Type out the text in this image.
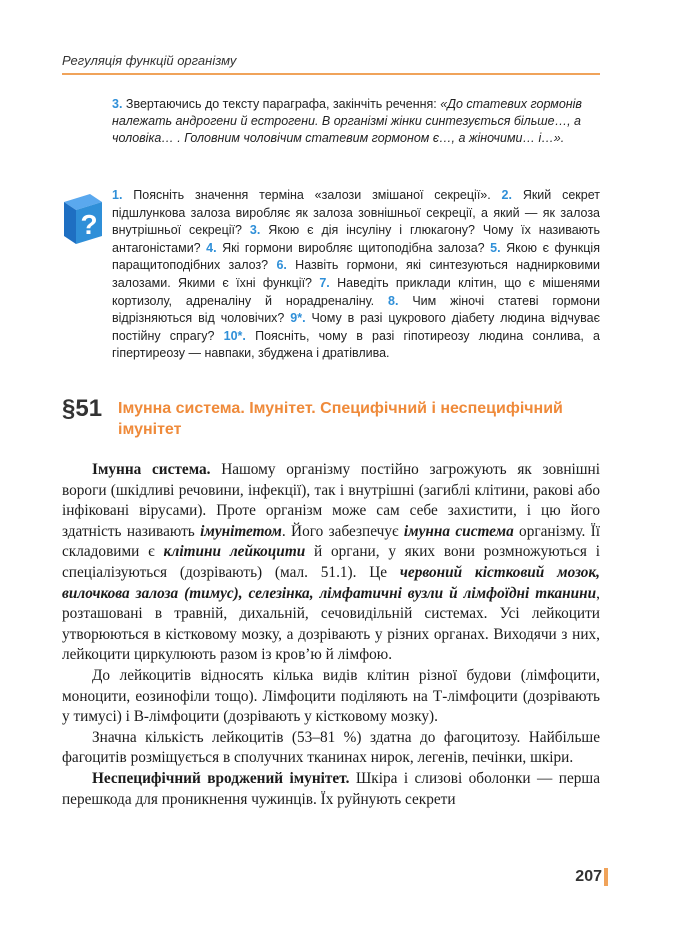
Регуляція функцій організму
3. Звертаючись до тексту параграфа, закінчіть речення: «До статевих гормонів належать андрогени й естрогени. В організмі жінки синтезується більше…, а чоловіка… . Головним чоловічим статевим гормоном є…, а жіночими… і…».
?
1. Поясніть значення терміна «залози змішаної секреції». 2. Який секрет підшлункова залоза виробляє як залоза зовнішньої секреції, а який — як залоза внутрішньої секреції? 3. Якою є дія інсуліну і глюкагону? Чому їх називають антагоністами? 4. Які гормони виробляє щитоподібна залоза? 5. Якою є функція паращитоподібних залоз? 6. Назвіть гормони, які синтезуються наднирковими залозами. Якими є їхні функції? 7. Наведіть приклади клітин, що є мішенями кортизолу, адреналіну й норадреналіну. 8. Чим жіночі статеві гормони відрізняються від чоловічих? 9*. Чому в разі цукрового діабету людина відчуває постійну спрагу? 10*. Поясніть, чому в разі гіпотиреозу людина сонлива, а гіпертиреозу — навпаки, збуджена і дратівлива.
§51 Імунна система. Імунітет. Специфічний і неспецифічний імунітет

Імунна система. Нашому організму постійно загрожують як зовнішні вороги (шкідливі речовини, інфекції), так і внутрішні (загиблі клітини, ракові або інфіковані вірусами). Проте організм може сам себе захистити, і цю його здатність називають імунітетом. Його забезпечує імунна система організму. Її складовими є клітини лейкоцити й органи, у яких вони розмножуються і спеціалізуються (дозрівають) (мал. 51.1). Це червоний кістковий мозок, вилочкова залоза (тимус), селезінка, лімфатичні вузли й лімфоїдні тканини, розташовані в травній, дихальній, сечовидільній системах. Усі лейкоцити утворюються в кістковому мозку, а дозрівають у різних органах. Виходячи з них, лейкоцити циркулюють разом із кров’ю й лімфою.

До лейкоцитів відносять кілька видів клітин різної будови (лімфоцити, моноцити, еозинофіли тощо). Лімфоцити поділяють на Т-лімфоцити (дозрівають у тимусі) і В-лімфоцити (дозрівають у кістковому мозку).

Значна кількість лейкоцитів (53–81 %) здатна до фагоцитозу. Найбільше фагоцитів розміщується в сполучних тканинах нирок, легенів, печінки, шкіри.

Неспецифічний вроджений імунітет. Шкіра і слизові оболонки — перша перешкода для проникнення чужинців. Їх руйнують секрети

207
